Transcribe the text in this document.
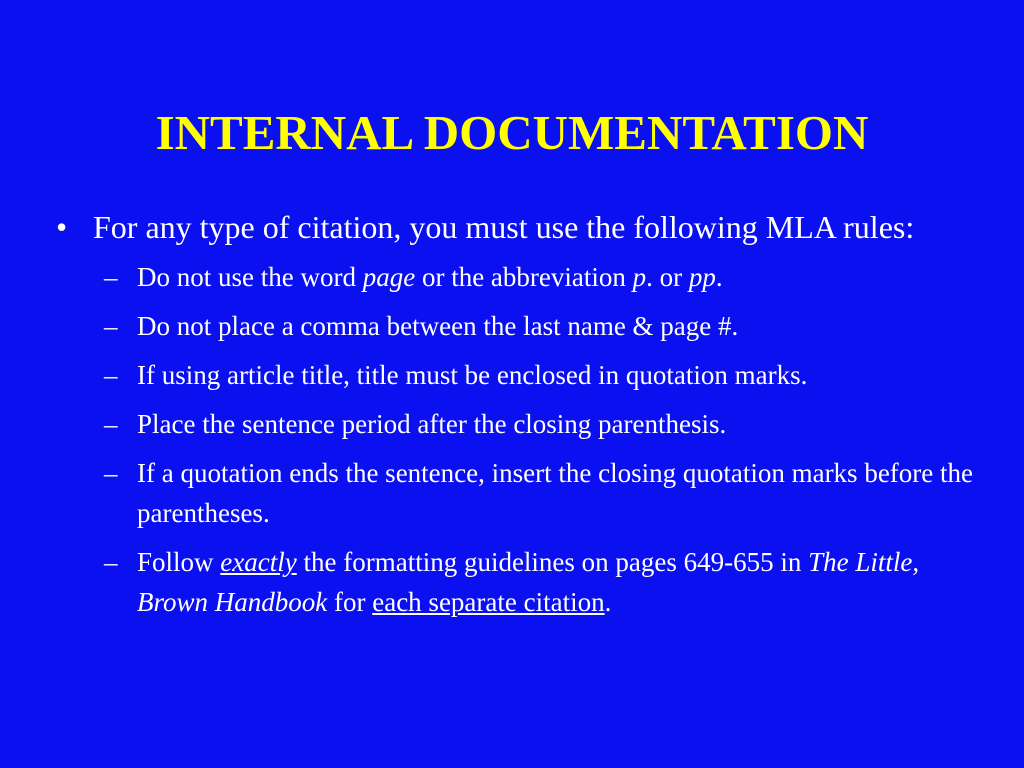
INTERNAL DOCUMENTATION
• For any type of citation, you must use the following MLA rules:
– Do not use the word page or the abbreviation p. or pp.
– Do not place a comma between the last name & page #.
– If using article title, title must be enclosed in quotation marks.
– Place the sentence period after the closing parenthesis.
– If a quotation ends the sentence, insert the closing quotation marks before the parentheses.
– Follow exactly the formatting guidelines on pages 649-655 in The Little, Brown Handbook for each separate citation.
